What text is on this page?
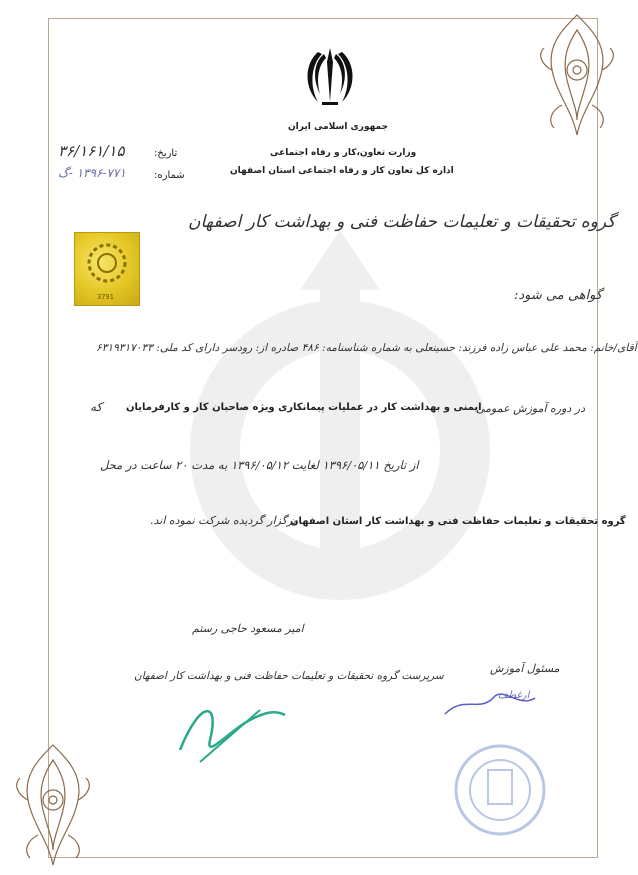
جمهوری اسلامی ایران
وزارت تعاون،کار و رفاه اجتماعی
اداره کل تعاون کار و رفاه اجتماعی استان اصفهان
تاریخ:
۳۶/۱۶۱/۱۵
شماره:
۱۳۹۶-۷۷۱ -گ
گروه تحقیقات و تعلیمات حفاظت فنی و بهداشت کار اصفهان
3791	گواهی می شود:
آقای/خانم: محمد علی عباس زاده فرزند: حسینعلی به شماره شناسنامه: ۴۸۶ صادره از: رودسر دارای کد ملی: ۶۳۱۹۳۱۷۰۳۳
در دوره آموزش عمومی
ایمنی و بهداشت کار در عملیات پیمانکاری ویژه صاحبان کار و کارفرمایان
که
از تاریخ ۱۳۹۶/۰۵/۱۱ لغایت ۱۳۹۶/۰۵/۱۲ به مدت ۲۰ ساعت در محل
گروه تحقیقات و تعلیمات حفاظت فنی و بهداشت کار استان اصفهان
برگزار گردیده شرکت نموده اند.
امیر مسعود حاجی رستم
سرپرست گروه تحقیقات و تعلیمات حفاظت فنی و بهداشت کار اصفهان
مسئول آموزش
ارغطف
